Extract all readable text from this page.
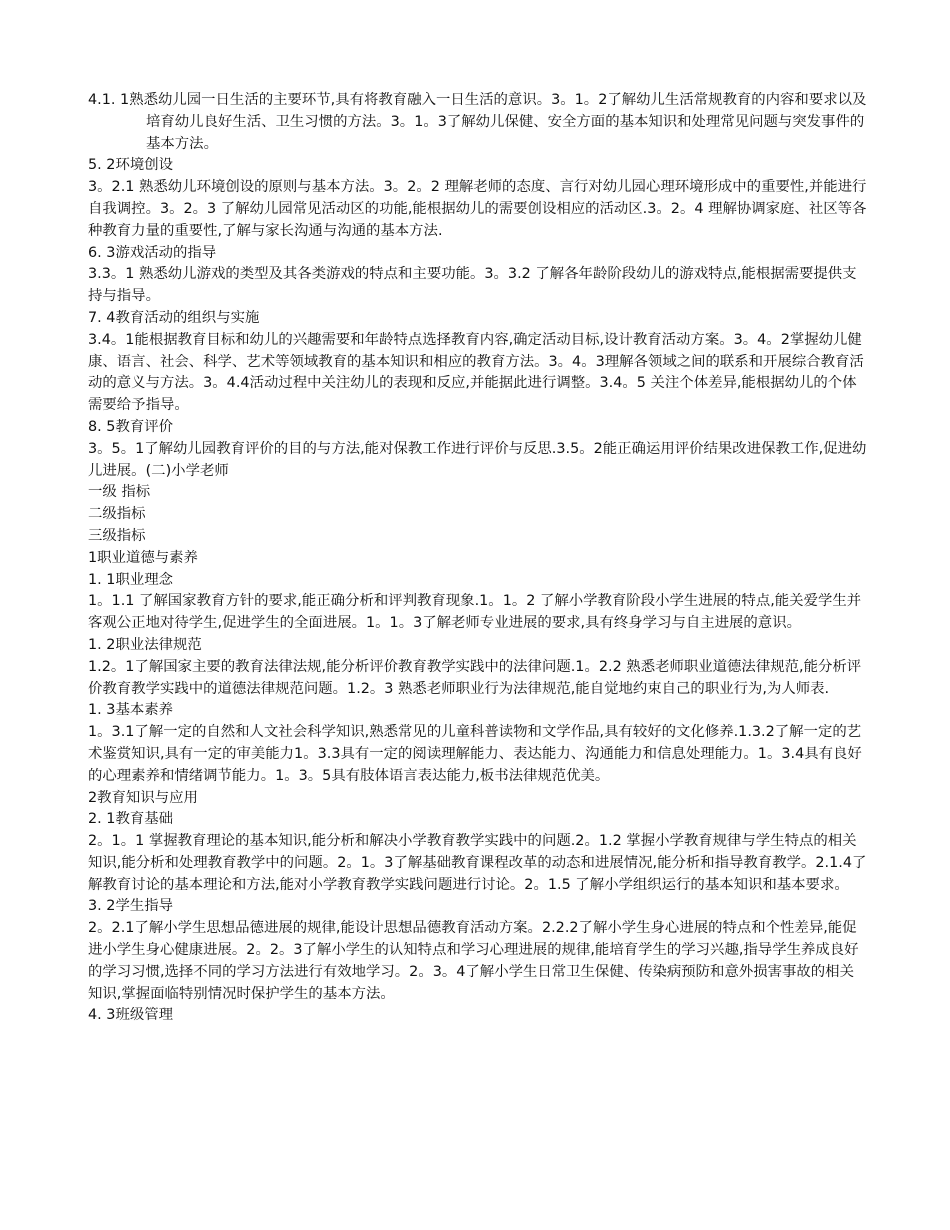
4.1. 1熟悉幼儿园一日生活的主要环节,具有将教育融入一日生活的意识。3。1。2了解幼儿生活常规教育的内容和要求以及培育幼儿良好生活、卫生习惯的方法。3。1。3了解幼儿保健、安全方面的基本知识和处理常见问题与突发事件的基本方法。

5. 2环境创设

3。2.1 熟悉幼儿环境创设的原则与基本方法。3。2。2 理解老师的态度、言行对幼儿园心理环境形成中的重要性,并能进行自我调控。3。2。3 了解幼儿园常见活动区的功能,能根据幼儿的需要创设相应的活动区.3。2。4 理解协调家庭、社区等各种教育力量的重要性,了解与家长沟通与沟通的基本方法.

6. 3游戏活动的指导

3.3。1 熟悉幼儿游戏的类型及其各类游戏的特点和主要功能。3。3.2 了解各年龄阶段幼儿的游戏特点,能根据需要提供支持与指导。

7. 4教育活动的组织与实施

3.4。1能根据教育目标和幼儿的兴趣需要和年龄特点选择教育内容,确定活动目标,设计教育活动方案。3。4。2掌握幼儿健康、语言、社会、科学、艺术等领域教育的基本知识和相应的教育方法。3。4。3理解各领域之间的联系和开展综合教育活动的意义与方法。3。4.4活动过程中关注幼儿的表现和反应,并能据此进行调整。3.4。5 关注个体差异,能根据幼儿的个体需要给予指导。

8. 5教育评价

3。5。1了解幼儿园教育评价的目的与方法,能对保教工作进行评价与反思.3.5。2能正确运用评价结果改进保教工作,促进幼儿进展。(二)小学老师

一级 指标

二级指标

三级指标

1职业道德与素养

1. 1职业理念

1。1.1 了解国家教育方针的要求,能正确分析和评判教育现象.1。1。2 了解小学教育阶段小学生进展的特点,能关爱学生并客观公正地对待学生,促进学生的全面进展。1。1。3了解老师专业进展的要求,具有终身学习与自主进展的意识。

1. 2职业法律规范

1.2。1了解国家主要的教育法律法规,能分析评价教育教学实践中的法律问题.1。2.2 熟悉老师职业道德法律规范,能分析评价教育教学实践中的道德法律规范问题。1.2。3 熟悉老师职业行为法律规范,能自觉地约束自己的职业行为,为人师表.

1. 3基本素养

1。3.1了解一定的自然和人文社会科学知识,熟悉常见的儿童科普读物和文学作品,具有较好的文化修养.1.3.2了解一定的艺术鉴赏知识,具有一定的审美能力1。3.3具有一定的阅读理解能力、表达能力、沟通能力和信息处理能力。1。3.4具有良好的心理素养和情绪调节能力。1。3。5具有肢体语言表达能力,板书法律规范优美。

2教育知识与应用

2. 1教育基础

2。1。1 掌握教育理论的基本知识,能分析和解决小学教育教学实践中的问题.2。1.2 掌握小学教育规律与学生特点的相关知识,能分析和处理教育教学中的问题。2。1。3了解基础教育课程改革的动态和进展情况,能分析和指导教育教学。2.1.4了解教育讨论的基本理论和方法,能对小学教育教学实践问题进行讨论。2。1.5 了解小学组织运行的基本知识和基本要求。

3. 2学生指导

2。2.1了解小学生思想品德进展的规律,能设计思想品德教育活动方案。2.2.2了解小学生身心进展的特点和个性差异,能促进小学生身心健康进展。2。2。3了解小学生的认知特点和学习心理进展的规律,能培育学生的学习兴趣,指导学生养成良好的学习习惯,选择不同的学习方法进行有效地学习。2。3。4了解小学生日常卫生保健、传染病预防和意外损害事故的相关知识,掌握面临特别情况时保护学生的基本方法。

4. 3班级管理
